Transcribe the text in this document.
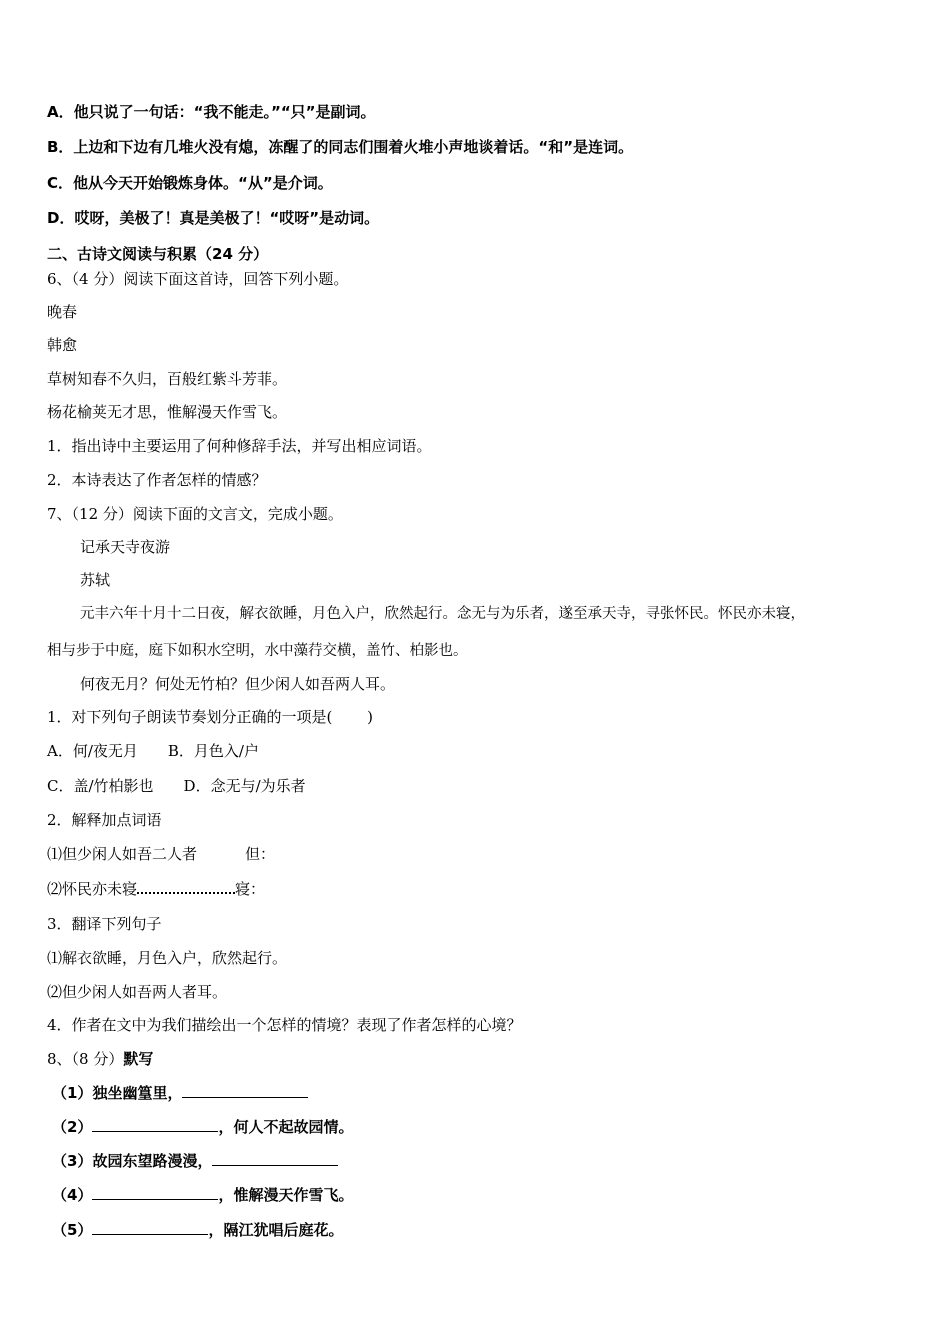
A．他只说了一句话：“我不能走。”“只”是副词。
B．上边和下边有几堆火没有熄，冻醒了的同志们围着火堆小声地谈着话。“和”是连词。
C．他从今天开始锻炼身体。“从”是介词。
D．哎呀，美极了！真是美极了！“哎呀”是动词。
二、古诗文阅读与积累（24 分）
6、（4 分）阅读下面这首诗，回答下列小题。
晚春
韩愈
草树知春不久归，百般红紫斗芳菲。
杨花榆荚无才思，惟解漫天作雪飞。
1．指出诗中主要运用了何种修辞手法，并写出相应词语。
2．本诗表达了作者怎样的情感？
7、（12 分）阅读下面的文言文，完成小题。
记承天寺夜游
苏轼
元丰六年十月十二日夜，解衣欲睡，月色入户，欣然起行。念无与为乐者，遂至承天寺，寻张怀民。怀民亦未寝，
相与步于中庭，庭下如积水空明，水中藻荇交横，盖竹、柏影也。
何夜无月？何处无竹柏？但少闲人如吾两人耳。
1．对下列句子朗读节奏划分正确的一项是(　　 )
A．何/夜无月 B．月色入/户
C．盖/竹柏影也 D．念无与/为乐者
2．解释加点词语
⑴但少闲人如吾二人者	但：
⑵怀民亦未寝	寝：
3．翻译下列句子
⑴解衣欲睡，月色入户，欣然起行。
⑵但少闲人如吾两人者耳。
4．作者在文中为我们描绘出一个怎样的情境？表现了作者怎样的心境？
8、（8 分）默写
（1）独坐幽篁里，
（2）	，何人不起故园情。
（3）故园东望路漫漫，
（4）	，惟解漫天作雪飞。
（5）	，隔江犹唱后庭花。
